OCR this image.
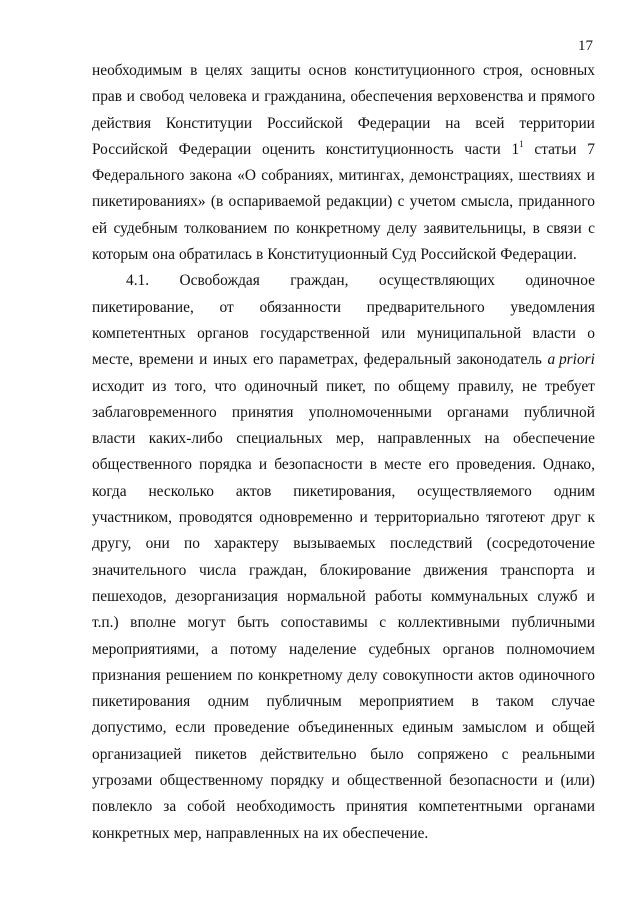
17
необходимым в целях защиты основ конституционного строя, основных
прав и свобод человека и гражданина, обеспечения верховенства и прямого
действия Конституции Российской Федерации на всей территории
Российской Федерации оценить конституционность части $1^1$ статьи 7
Федерального закона «О собраниях, митингах, демонстрациях, шествиях и
пикетированиях» (в оспариваемой редакции) с учетом смысла, приданного
ей судебным толкованием по конкретному делу заявительницы, в связи с
которым она обратилась в Конституционный Суд Российской Федерации.
4.1. Освобождая граждан, осуществляющих одиночное
пикетирование, от обязанности предварительного уведомления
компетентных органов государственной или муниципальной власти о
месте, времени и иных его параметрах, федеральный законодатель a priori
исходит из того, что одиночный пикет, по общему правилу, не требует
заблаговременного принятия уполномоченными органами публичной
власти каких-либо специальных мер, направленных на обеспечение
общественного порядка и безопасности в месте его проведения. Однако,
когда несколько актов пикетирования, осуществляемого одним
участником, проводятся одновременно и территориально тяготеют друг к
другу, они по характеру вызываемых последствий (сосредоточение
значительного числа граждан, блокирование движения транспорта и
пешеходов, дезорганизация нормальной работы коммунальных служб и
т.п.) вполне могут быть сопоставимы с коллективными публичными
мероприятиями, а потому наделение судебных органов полномочием
признания решением по конкретному делу совокупности актов одиночного
пикетирования одним публичным мероприятием в таком случае
допустимо, если проведение объединенных единым замыслом и общей
организацией пикетов действительно было сопряжено с реальными
угрозами общественному порядку и общественной безопасности и (или)
повлекло за собой необходимость принятия компетентными органами
конкретных мер, направленных на их обеспечение.
